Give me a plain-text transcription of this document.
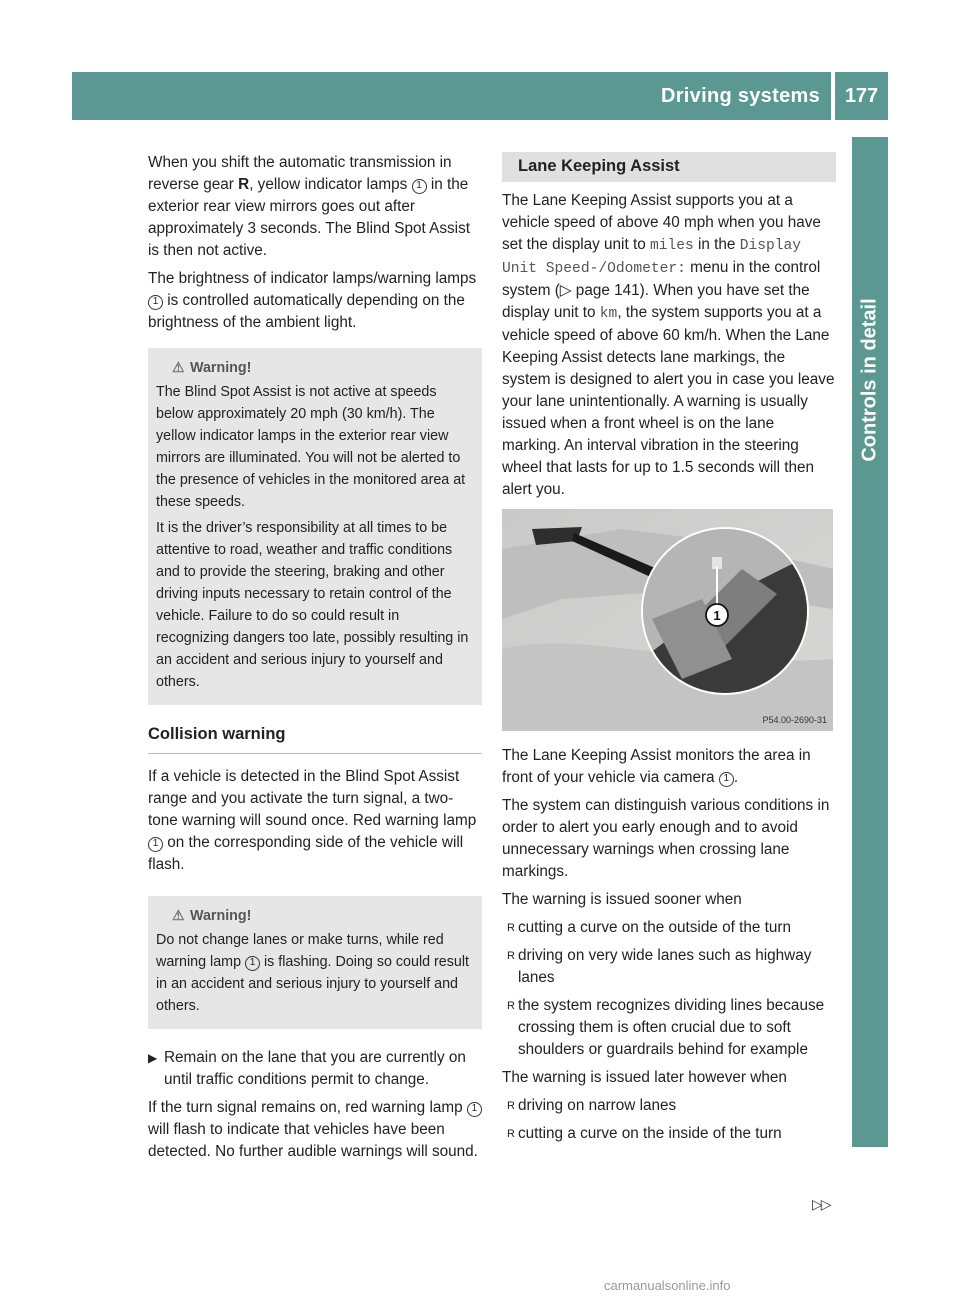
Driving systems	177
Controls in detail

When you shift the automatic transmission in reverse gear R, yellow indicator lamps 1 in the exterior rear view mirrors goes out after approximately 3 seconds. The Blind Spot Assist is then not active.

The brightness of indicator lamps/warning lamps 1 is controlled automatically depending on the brightness of the ambient light.

⚠ Warning!

The Blind Spot Assist is not active at speeds below approximately 20 mph (30 km/h). The yellow indicator lamps in the exterior rear view mirrors are illuminated. You will not be alerted to the presence of vehicles in the monitored area at these speeds.

It is the driver’s responsibility at all times to be attentive to road, weather and traffic conditions and to provide the steering, braking and other driving inputs necessary to retain control of the vehicle. Failure to do so could result in recognizing dangers too late, possibly resulting in an accident and serious injury to yourself and others.

Collision warning

If a vehicle is detected in the Blind Spot Assist range and you activate the turn signal, a two-tone warning will sound once. Red warning lamp 1 on the corresponding side of the vehicle will flash.

⚠ Warning!

Do not change lanes or make turns, while red warning lamp 1 is flashing. Doing so could result in an accident and serious injury to yourself and others.

▶ Remain on the lane that you are currently on until traffic conditions permit to change.

If the turn signal remains on, red warning lamp 1 will flash to indicate that vehicles have been detected. No further audible warnings will sound.

Lane Keeping Assist

The Lane Keeping Assist supports you at a vehicle speed of above 40 mph when you have set the display unit to miles in the Display Unit Speed-/Odometer: menu in the control system (▷ page 141). When you have set the display unit to km, the system supports you at a vehicle speed of above 60 km/h. When the Lane Keeping Assist detects lane markings, the system is designed to alert you in case you leave your lane unintentionally. A warning is usually issued when a front wheel is on the lane marking. An interval vibration in the steering wheel that lasts for up to 1.5 seconds will then alert you.

1
P54.00-2690-31

The Lane Keeping Assist monitors the area in front of your vehicle via camera 1 .

The system can distinguish various conditions in order to alert you early enough and to avoid unnecessary warnings when crossing lane markings.

The warning is issued sooner when

R cutting a curve on the outside of the turn
R driving on very wide lanes such as highway lanes
R the system recognizes dividing lines because crossing them is often crucial due to soft shoulders or guardrails behind for example

The warning is issued later however when

R driving on narrow lanes
R cutting a curve on the inside of the turn
▷▷
carmanualsonline.info
